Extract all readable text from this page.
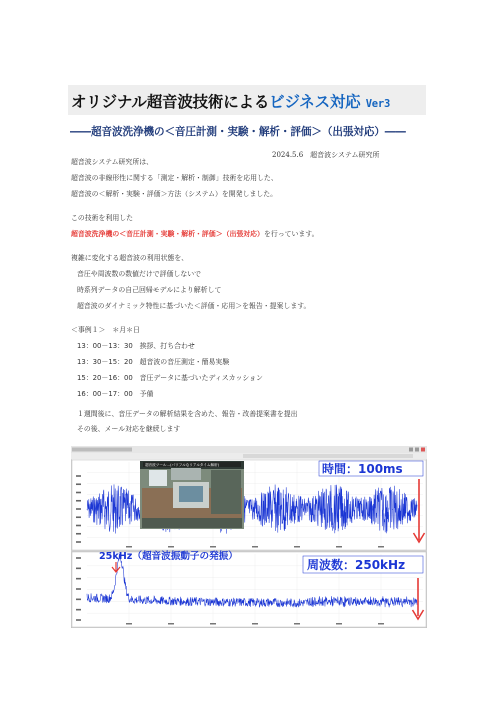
オリジナル超音波技術によるビジネス対応 Ver3
――超音波洗浄機の＜音圧計測・実験・解析・評価＞（出張対応）――
2024.5.6　 超音波システム研究所
超音波システム研究所は、
超音波の非線形性に関する「測定・解析・制御」技術を応用した、
超音波の＜解析・実験・評価＞方法（システム）を開発しました。
この技術を利用した
超音波洗浄機の＜音圧計測・実験・解析・評価＞（出張対応）を行っています。
複雑に変化する超音波の利用状態を、
音圧や周波数の数値だけで評価しないで
時系列データの自己回帰モデルにより解析して
超音波のダイナミック特性に基づいた＜評価・応用＞を報告・提案します。
＜事例１＞　＊月＊日
13：00－13：30　挨拶、打ち合わせ
13：30－15：20　超音波の音圧測定・簡易実験
15：20－16：00　音圧データに基づいたディスカッション
16：00－17：00　予備
１週間後に、音圧データの解析結果を含めた、報告・改善提案書を提出
その後、メール対応を継続します
超音波ツール…(パワフルなリアルタイム解析)	時間：100ms
25kHz（超音波振動子の発振）
周波数：250kHz
